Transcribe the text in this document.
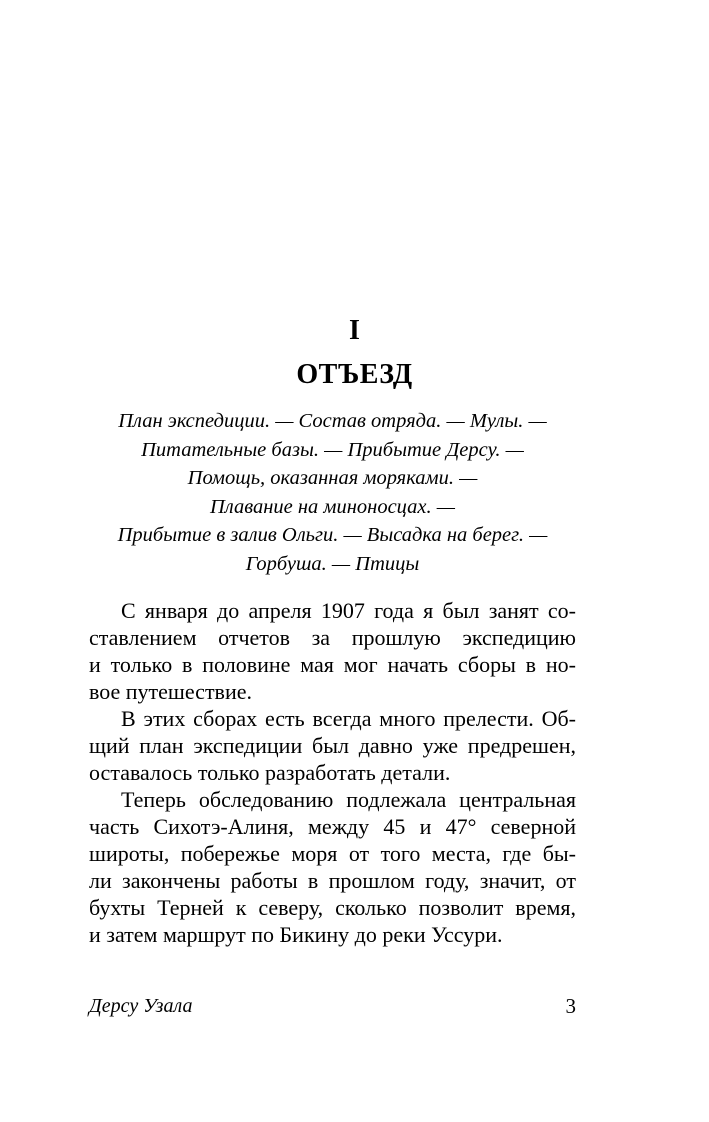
I
ОТЪЕЗД
План экспедиции. — Состав отряда. — Мулы. —
Питательные базы. — Прибытие Дерсу. —
Помощь, оказанная моряками. —
Плавание на миноносцах. —
Прибытие в залив Ольги. — Высадка на берег. —
Горбуша. — Птицы
С января до апреля 1907 года я был занят со-
ставлением отчетов за прошлую экспедицию
и только в половине мая мог начать сборы в но-
вое путешествие.
В этих сборах есть всегда много прелести. Об-
щий план экспедиции был давно уже предрешен,
оставалось только разработать детали.
Теперь обследованию подлежала центральная
часть Сихотэ-Алиня, между 45 и 47° северной
широты, побережье моря от того места, где бы-
ли закончены работы в прошлом году, значит, от
бухты Терней к северу, сколько позволит время,
и затем маршрут по Бикину до реки Уссури.
Дерсу Узала	3
